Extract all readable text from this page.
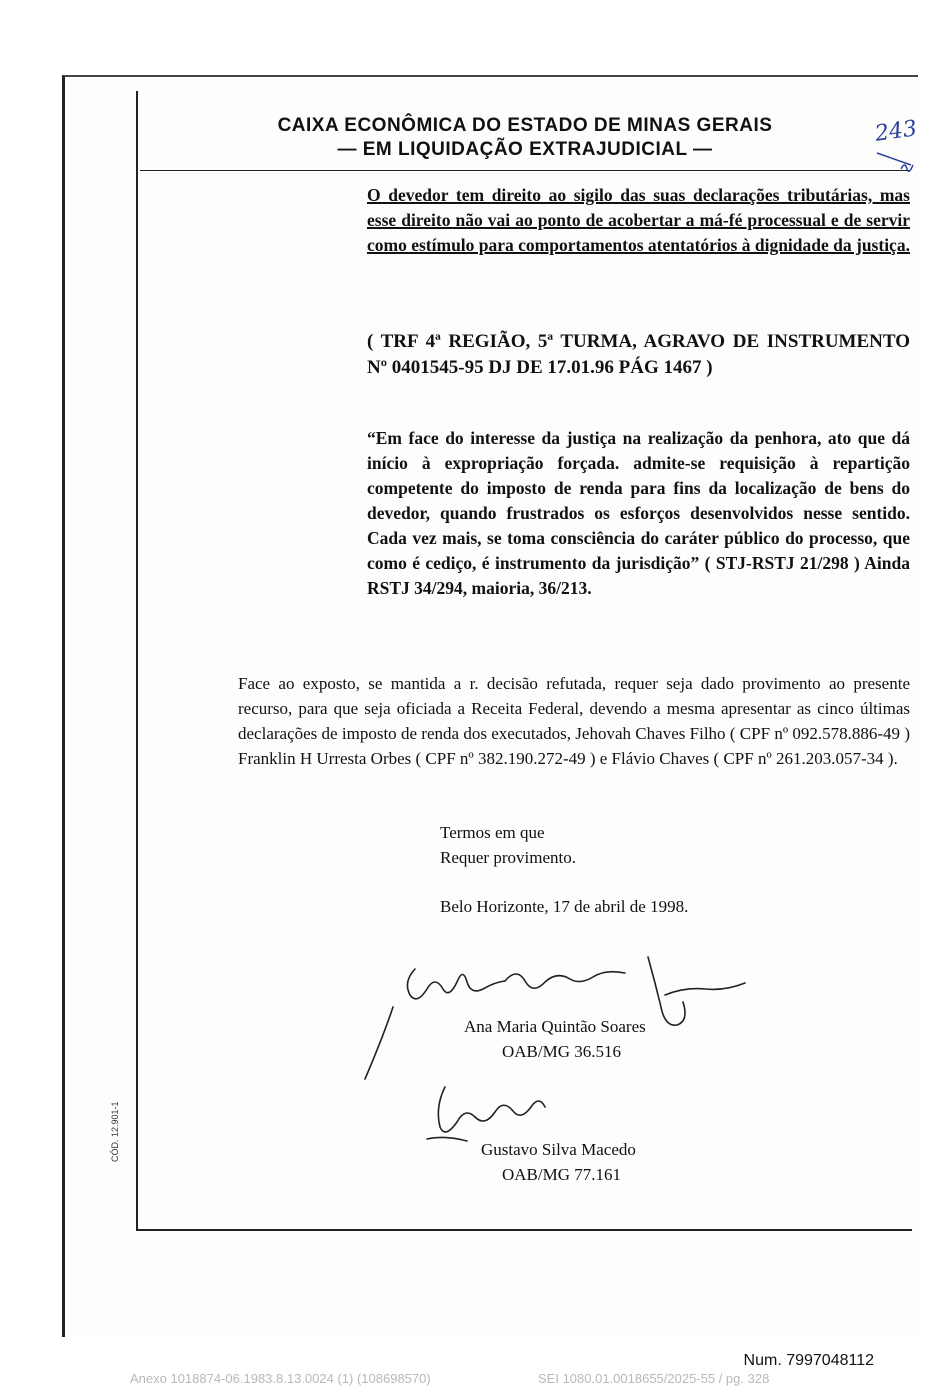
CAIXA ECONÔMICA DO ESTADO DE MINAS GERAIS
— EM LIQUIDAÇÃO EXTRAJUDICIAL —
243
O devedor tem direito ao sigilo das suas declarações tributárias, mas esse direito não vai ao ponto de acobertar a má-fé processual e de servir como estímulo para comportamentos atentatórios à dignidade da justiça.
( TRF 4ª REGIÃO, 5ª TURMA, AGRAVO DE INSTRUMENTO Nº 0401545-95 DJ DE 17.01.96 PÁG 1467 )
“Em face do interesse da justiça na realização da penhora, ato que dá início à expropriação forçada. admite-se requisição à repartição competente do imposto de renda para fins da localização de bens do devedor, quando frustrados os esforços desenvolvidos nesse sentido. Cada vez mais, se toma consciência do caráter público do processo, que como é cediço, é instrumento da jurisdição” ( STJ-RSTJ 21/298 ) Ainda RSTJ 34/294, maioria, 36/213.
Face ao exposto, se mantida a r. decisão refutada, requer seja dado provimento ao presente recurso, para que seja oficiada a Receita Federal, devendo a mesma apresentar as cinco últimas declarações de imposto de renda dos executados, Jehovah Chaves Filho ( CPF nº 092.578.886-49 ) Franklin H Urresta Orbes ( CPF nº 382.190.272-49 ) e Flávio Chaves ( CPF nº 261.203.057-34 ).
Termos em que
Requer provimento.
Belo Horizonte, 17 de abril de 1998.
Ana Maria Quintão Soares
OAB/MG 36.516
Gustavo Silva Macedo
OAB/MG 77.161
CÓD. 12.901-1
Num. 7997048112
Anexo 1018874-06.1983.8.13.0024 (1) (108698570)	SEI 1080.01.0018655/2025-55 / pg. 328
